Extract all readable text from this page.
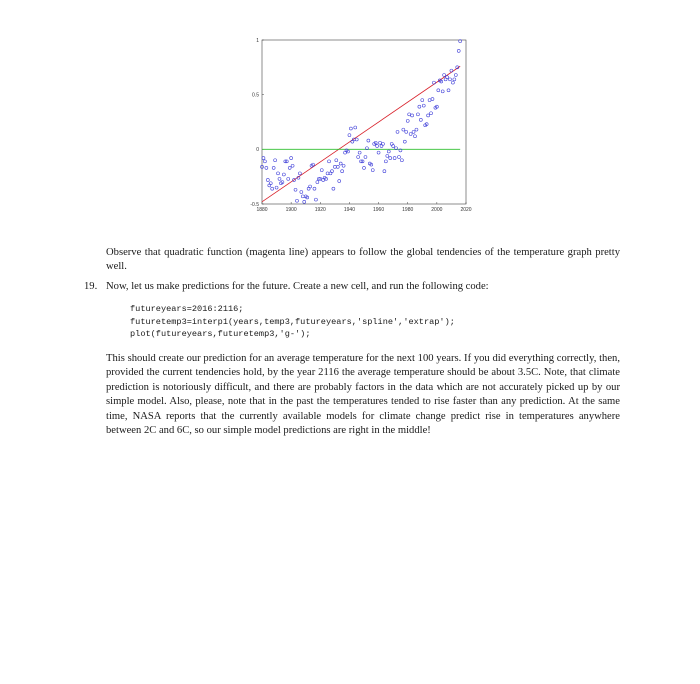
1880	1900	1920	1940	1960	1980	2000	2020
-0.5
0
0.5
1

Observe that quadratic function (magenta line) appears to follow the global tendencies of the temperature graph pretty well.

19. Now, let us make predictions for the future. Create a new cell, and run the following code:
futureyears=2016:2116;
futuretemp3=interp1(years,temp3,futureyears,'spline','extrap');
plot(futureyears,futuretemp3,'g-');

This should create our prediction for an average temperature for the next 100 years. If you did everything correctly, then, provided the current tendencies hold, by the year 2116 the average temperature should be about 3.5C. Note, that climate prediction is notoriously difficult, and there are probably factors in the data which are not accurately picked up by our simple model. Also, please, note that in the past the temperatures tended to rise faster than any prediction. At the same time, NASA reports that the currently available models for climate change predict rise in temperatures anywhere between 2C and 6C, so our simple model predictions are right in the middle!
